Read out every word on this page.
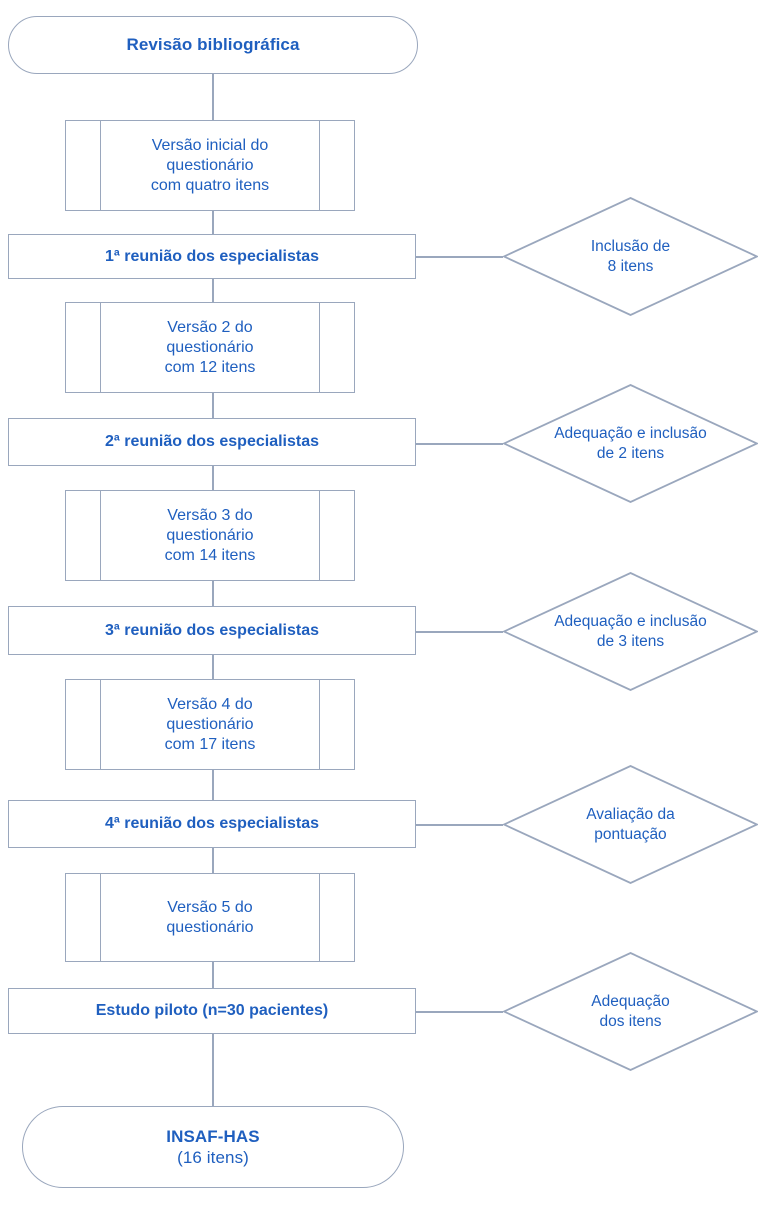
Revisão bibliográfica
Versão inicial do
questionário
com quatro itens
1ª reunião dos especialistas
Inclusão de
8 itens
Versão 2 do
questionário
com 12 itens
2ª reunião dos especialistas	Adequação e inclusão
de 2 itens
Versão 3 do
questionário
com 14 itens
3ª reunião dos especialistas	Adequação e inclusão
de 3 itens
Versão 4 do
questionário
com 17 itens
4ª reunião dos especialistas
Avaliação da
pontuação
Versão 5 do
questionário
Estudo piloto (n=30 pacientes)
Adequação
dos itens
INSAF-HAS
(16 itens)
